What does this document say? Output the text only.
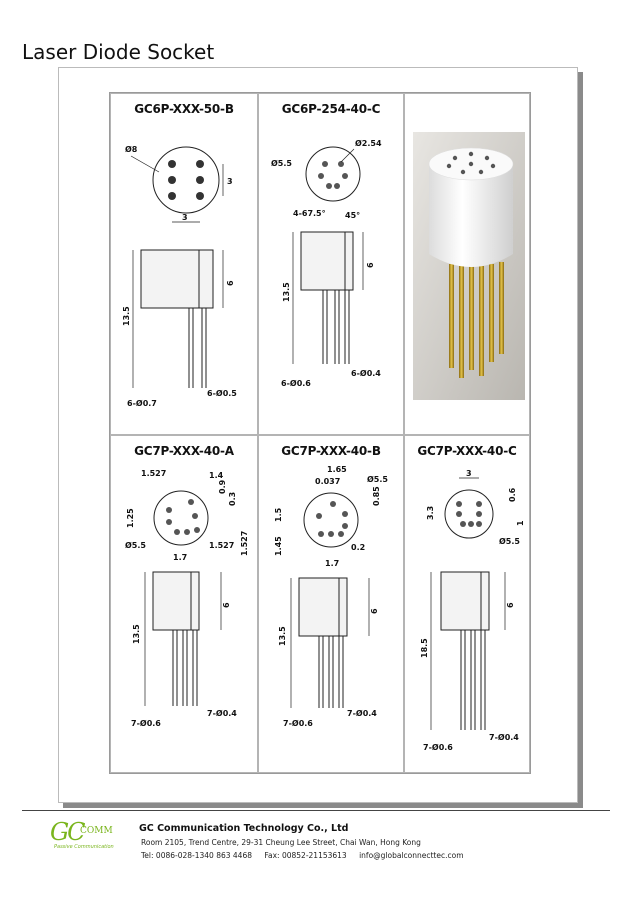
Laser Diode Socket
GC6P-XXX-50-B
Ø8
3
3
6
13.5
6-Ø0.7
6-Ø0.5
GC6P-254-40-C
Ø2.54
Ø5.5
4-67.5° 45°
6
13.5
6-Ø0.6
6-Ø0.4
GC7P-XXX-40-A
1.527	1.4
0.9
0.3
1.25
Ø5.5
1.7
1.527 1.527
6
13.5
7-Ø0.6
7-Ø0.4
GC7P-XXX-40-B
1.65
0.037	Ø5.5
0.85
1.5
1.45	0.2
1.7
6
13.5
7-Ø0.6
7-Ø0.4
GC7P-XXX-40-C
3
0.6
3.3
1
Ø5.5
6
18.5
7-Ø0.6
7-Ø0.4
GC
COMM
Passive Communication
GC Communication Technology Co., Ltd
Room 2105, Trend Centre, 29-31 Cheung Lee Street, Chai Wan, Hong Kong
Tel: 0086-028-1340 863 4468 Fax: 00852-21153613 info@globalconnecttec.com
